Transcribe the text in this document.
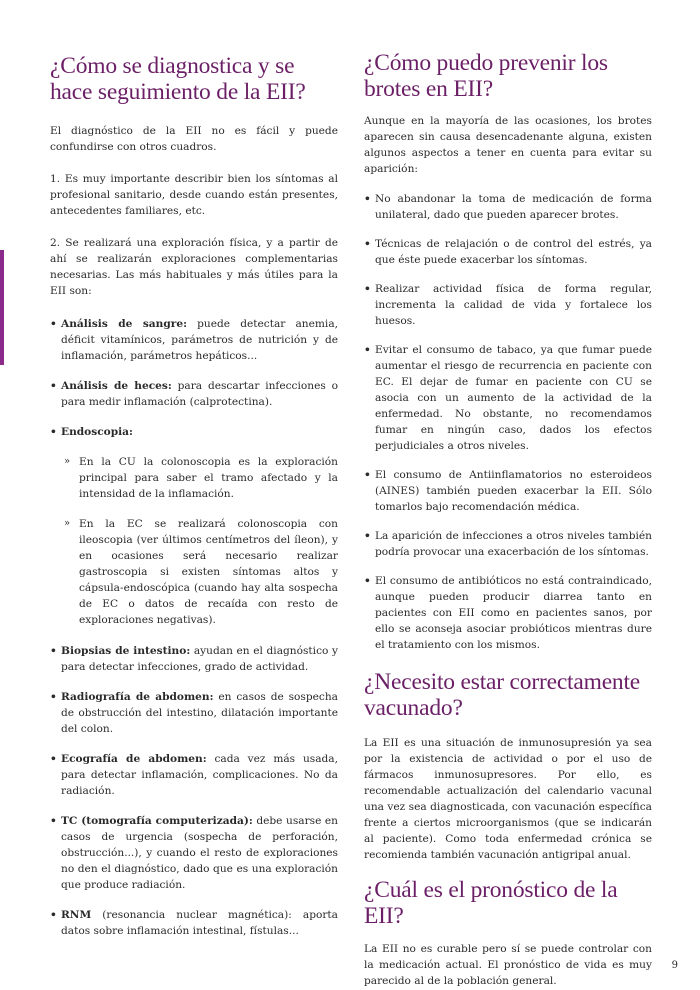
¿Cómo se diagnostica y se hace seguimiento de la EII?

El diagnóstico de la EII no es fácil y puede confundirse con otros cuadros.

1. Es muy importante describir bien los síntomas al profesional sanitario, desde cuando están presentes, antecedentes familiares, etc.

2. Se realizará una exploración física, y a partir de ahí se realizarán exploraciones complementarias necesarias. Las más habituales y más útiles para la EII son:

• Análisis de sangre: puede detectar anemia, déficit vitamínicos, parámetros de nutrición y de inflamación, parámetros hepáticos...
• Análisis de heces: para descartar infecciones o para medir inflamación (calprotectina).
• Endoscopia:
» En la CU la colonoscopia es la exploración principal para saber el tramo afectado y la intensidad de la inflamación.
» En la EC se realizará colonoscopia con ileoscopia (ver últimos centímetros del íleon), y en ocasiones será necesario realizar gastroscopia si existen síntomas altos y cápsula-endoscópica (cuando hay alta sospecha de EC o datos de recaída con resto de exploraciones negativas).
• Biopsias de intestino: ayudan en el diagnóstico y para detectar infecciones, grado de actividad.
• Radiografía de abdomen: en casos de sospecha de obstrucción del intestino, dilatación importante del colon.
• Ecografía de abdomen: cada vez más usada, para detectar inflamación, complicaciones. No da radiación.
• TC (tomografía computerizada): debe usarse en casos de urgencia (sospecha de perforación, obstrucción...), y cuando el resto de exploraciones no den el diagnóstico, dado que es una exploración que produce radiación.
• RNM (resonancia nuclear magnética): aporta datos sobre inflamación intestinal, fístulas...
¿Cómo puedo prevenir los brotes en EII?

Aunque en la mayoría de las ocasiones, los brotes aparecen sin causa desencadenante alguna, existen algunos aspectos a tener en cuenta para evitar su aparición:

• No abandonar la toma de medicación de forma unilateral, dado que pueden aparecer brotes.
• Técnicas de relajación o de control del estrés, ya que éste puede exacerbar los síntomas.
• Realizar actividad física de forma regular, incrementa la calidad de vida y fortalece los huesos.
• Evitar el consumo de tabaco, ya que fumar puede aumentar el riesgo de recurrencia en paciente con EC. El dejar de fumar en paciente con CU se asocia con un aumento de la actividad de la enfermedad. No obstante, no recomendamos fumar en ningún caso, dados los efectos perjudiciales a otros niveles.
• El consumo de Antiinflamatorios no esteroideos (AINES) también pueden exacerbar la EII. Sólo tomarlos bajo recomendación médica.
• La aparición de infecciones a otros niveles también podría provocar una exacerbación de los síntomas.
• El consumo de antibióticos no está contraindicado, aunque pueden producir diarrea tanto en pacientes con EII como en pacientes sanos, por ello se aconseja asociar probióticos mientras dure el tratamiento con los mismos.
¿Necesito estar correctamente vacunado?

La EII es una situación de inmunosupresión ya sea por la existencia de actividad o por el uso de fármacos inmunosupresores. Por ello, es recomendable actualización del calendario vacunal una vez sea diagnosticada, con vacunación específica frente a ciertos microorganismos (que se indicarán al paciente). Como toda enfermedad crónica se recomienda también vacunación antigripal anual.

¿Cuál es el pronóstico de la EII?

La EII no es curable pero sí se puede controlar con la medicación actual. El pronóstico de vida es muy parecido al de la población general.

9
